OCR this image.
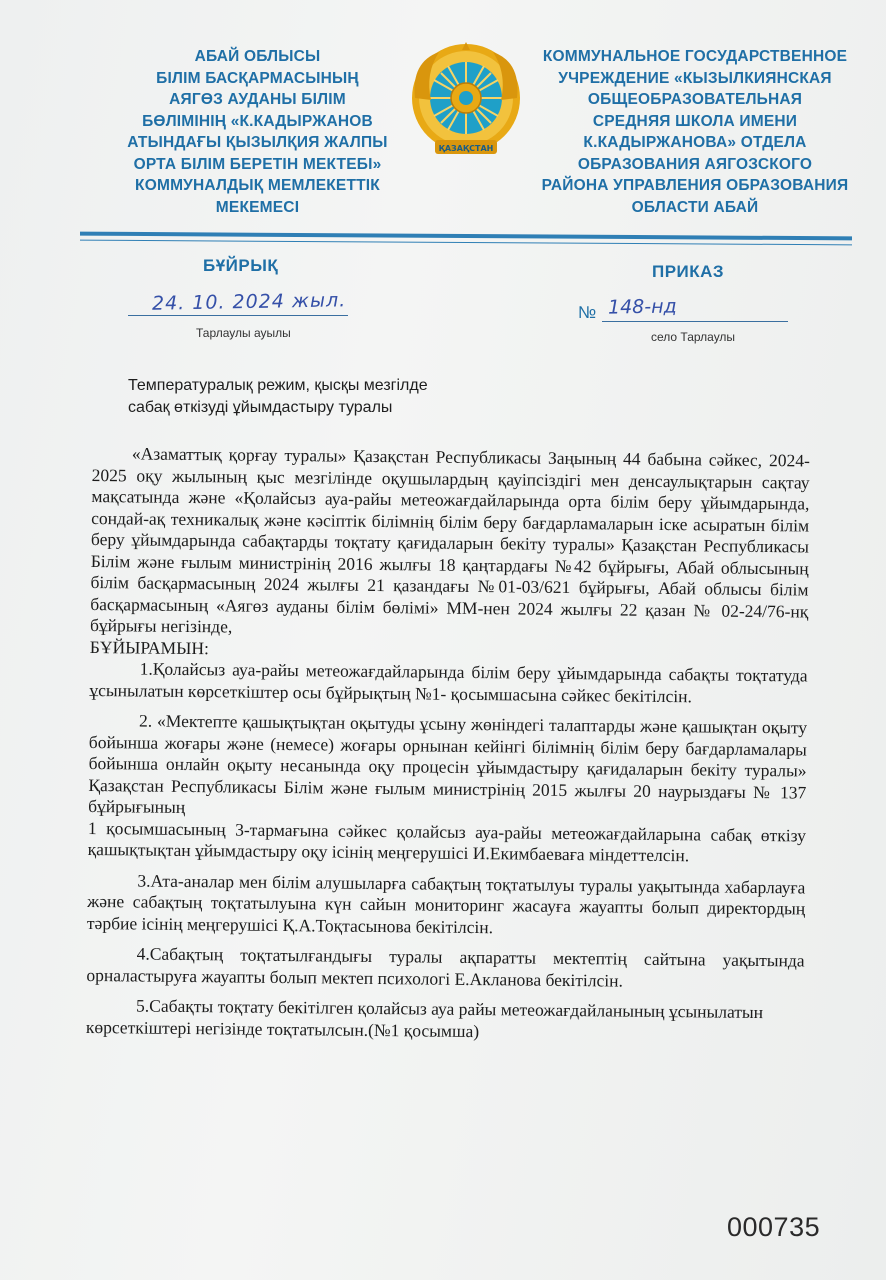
АБАЙ ОБЛЫСЫ
БІЛІМ БАСҚАРМАСЫНЫҢ
АЯГӨЗ АУДАНЫ БІЛІМ
БӨЛІМІНІҢ «К.КАДЫРЖАНОВ
АТЫНДАҒЫ ҚЫЗЫЛҚИЯ ЖАЛПЫ
ОРТА БІЛІМ БЕРЕТІН МЕКТЕБІ»
КОММУНАЛДЫҚ МЕМЛЕКЕТТІК
МЕКЕМЕСІ
ҚАЗАҚСТАН
КОММУНАЛЬНОЕ ГОСУДАРСТВЕННОЕ
УЧРЕЖДЕНИЕ «КЫЗЫЛКИЯНСКАЯ
ОБЩЕОБРАЗОВАТЕЛЬНАЯ
СРЕДНЯЯ ШКОЛА ИМЕНИ
К.КАДЫРЖАНОВА» ОТДЕЛА
ОБРАЗОВАНИЯ АЯГОЗСКОГО
РАЙОНА УПРАВЛЕНИЯ ОБРАЗОВАНИЯ
ОБЛАСТИ АБАЙ
БҰЙРЫҚ	ПРИКАЗ
24. 10. 2024 жыл.
Тарлаулы ауылы
№ 148-нд
село Тарлаулы
Температуралық режим, қысқы мезгілде
сабақ өткізуді ұйымдастыру туралы

«Азаматтық қорғау туралы» Қазақстан Республикасы Заңының 44 бабына сәйкес, 2024-2025 оқу жылының қыс мезгілінде оқушылардың қауіпсіздігі мен денсаулықтарын сақтау мақсатында және «Қолайсыз ауа-райы метеожағдайларында орта білім беру ұйымдарында, сондай-ақ техникалық және кәсіптік білімнің білім беру бағдарламаларын іске асыратын білім беру ұйымдарында сабақтарды тоқтату қағидаларын бекіту туралы» Қазақстан Республикасы Білім және ғылым министрінің 2016 жылғы 18 қаңтардағы №42 бұйрығы, Абай облысының білім басқармасының 2024 жылғы 21 қазандағы №01-03/621 бұйрығы, Абай облысы білім басқармасының «Аягөз ауданы білім бөлімі» ММ-нен 2024 жылғы 22 қазан № 02-24/76-нқ бұйрығы негізінде,

БҰЙЫРАМЫН:

1.Қолайсыз ауа-райы метеожағдайларында білім беру ұйымдарында сабақты тоқтатуда ұсынылатын көрсеткіштер осы бұйрықтың №1- қосымшасына сәйкес бекітілсін.

2. «Мектепте қашықтықтан оқытуды ұсыну жөніндегі талаптарды және қашықтан оқыту бойынша жоғары және (немесе) жоғары орнынан кейінгі білімнің білім беру бағдарламалары бойынша онлайн оқыту несанында оқу процесін ұйымдастыру қағидаларын бекіту туралы» Қазақстан Республикасы Білім және ғылым министрінің 2015 жылғы 20 наурыздағы № 137 бұйрығының

1 қосымшасының 3-тармағына сәйкес қолайсыз ауа-райы метеожағдайларына сабақ өткізу қашықтықтан ұйымдастыру оқу ісінің меңгерушісі И.Екимбаеваға міндеттелсін.

3.Ата-аналар мен білім алушыларға сабақтың тоқтатылуы туралы уақытында хабарлауға және сабақтың тоқтатылуына күн сайын мониторинг жасауға жауапты болып директордың тәрбие ісінің меңгерушісі Қ.А.Тоқтасынова бекітілсін.

4.Сабақтың тоқтатылғандығы туралы ақпаратты мектептің сайтына уақытында орналастыруға жауапты болып мектеп психологі Е.Акланова бекітілсін.

5.Сабақты тоқтату бекітілген қолайсыз ауа райы метеожағдайланының ұсынылатын көрсеткіштері негізінде тоқтатылсын.(№1 қосымша)

000735
